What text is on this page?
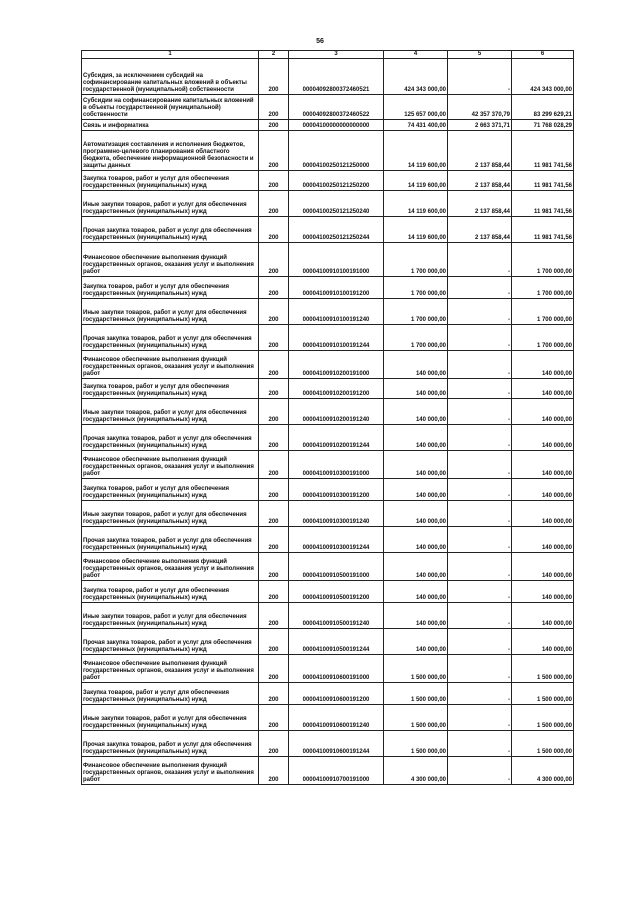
56
1	2	3	4	5	6
Субсидия, за исключением субсидий на софинансирование капитальных вложений в объекты государственной (муниципальной) собственности	200	00004092800372460521	424 343 000,00	-	424 343 000,00
Субсидии на софинансирование капитальных вложений в объекты государственной (муниципальной) собственности	200	00004092800372460522	125 657 000,00	42 357 370,79	83 299 629,21
Связь и информатика	200	00004100000000000000	74 431 400,00	2 663 371,71	71 768 028,29
Автоматизация составления и исполнения бюджетов, программно-целевого планирования областного бюджета, обеспечение информационной безопасности и защиты данных	200	00004100250121250000	14 119 600,00	2 137 858,44	11 981 741,56
Закупка товаров, работ и услуг для обеспечения государственных (муниципальных) нужд	200	00004100250121250200	14 119 600,00	2 137 858,44	11 981 741,56
Иные закупки товаров, работ и услуг для обеспечения государственных (муниципальных) нужд	200	00004100250121250240	14 119 600,00	2 137 858,44	11 981 741,56
Прочая закупка товаров, работ и услуг для обеспечения государственных (муниципальных) нужд	200	00004100250121250244	14 119 600,00	2 137 858,44	11 981 741,56
Финансовое обеспечение выполнения функций государственных органов, оказания услуг и выполнения работ	200	00004100910100191000	1 700 000,00	-	1 700 000,00
Закупка товаров, работ и услуг для обеспечения государственных (муниципальных) нужд	200	00004100910100191200	1 700 000,00	-	1 700 000,00
Иные закупки товаров, работ и услуг для обеспечения государственных (муниципальных) нужд	200	00004100910100191240	1 700 000,00	-	1 700 000,00
Прочая закупка товаров, работ и услуг для обеспечения государственных (муниципальных) нужд	200	00004100910100191244	1 700 000,00	-	1 700 000,00
Финансовое обеспечение выполнения функций государственных органов, оказания услуг и выполнения работ	200	00004100910200191000	140 000,00	-	140 000,00
Закупка товаров, работ и услуг для обеспечения государственных (муниципальных) нужд	200	00004100910200191200	140 000,00	-	140 000,00
Иные закупки товаров, работ и услуг для обеспечения государственных (муниципальных) нужд	200	00004100910200191240	140 000,00	-	140 000,00
Прочая закупка товаров, работ и услуг для обеспечения государственных (муниципальных) нужд	200	00004100910200191244	140 000,00	-	140 000,00
Финансовое обеспечение выполнения функций государственных органов, оказания услуг и выполнения работ	200	00004100910300191000	140 000,00	-	140 000,00
Закупка товаров, работ и услуг для обеспечения государственных (муниципальных) нужд	200	00004100910300191200	140 000,00	-	140 000,00
Иные закупки товаров, работ и услуг для обеспечения государственных (муниципальных) нужд	200	00004100910300191240	140 000,00	-	140 000,00
Прочая закупка товаров, работ и услуг для обеспечения государственных (муниципальных) нужд	200	00004100910300191244	140 000,00	-	140 000,00
Финансовое обеспечение выполнения функций государственных органов, оказания услуг и выполнения работ	200	00004100910500191000	140 000,00	-	140 000,00
Закупка товаров, работ и услуг для обеспечения государственных (муниципальных) нужд	200	00004100910500191200	140 000,00	-	140 000,00
Иные закупки товаров, работ и услуг для обеспечения государственных (муниципальных) нужд	200	00004100910500191240	140 000,00	-	140 000,00
Прочая закупка товаров, работ и услуг для обеспечения государственных (муниципальных) нужд	200	00004100910500191244	140 000,00	-	140 000,00
Финансовое обеспечение выполнения функций государственных органов, оказания услуг и выполнения работ	200	00004100910600191000	1 500 000,00	-	1 500 000,00
Закупка товаров, работ и услуг для обеспечения государственных (муниципальных) нужд	200	00004100910600191200	1 500 000,00	-	1 500 000,00
Иные закупки товаров, работ и услуг для обеспечения государственных (муниципальных) нужд	200	00004100910600191240	1 500 000,00	-	1 500 000,00
Прочая закупка товаров, работ и услуг для обеспечения государственных (муниципальных) нужд	200	00004100910600191244	1 500 000,00	-	1 500 000,00
Финансовое обеспечение выполнения функций государственных органов, оказания услуг и выполнения работ	200	00004100910700191000	4 300 000,00	-	4 300 000,00
